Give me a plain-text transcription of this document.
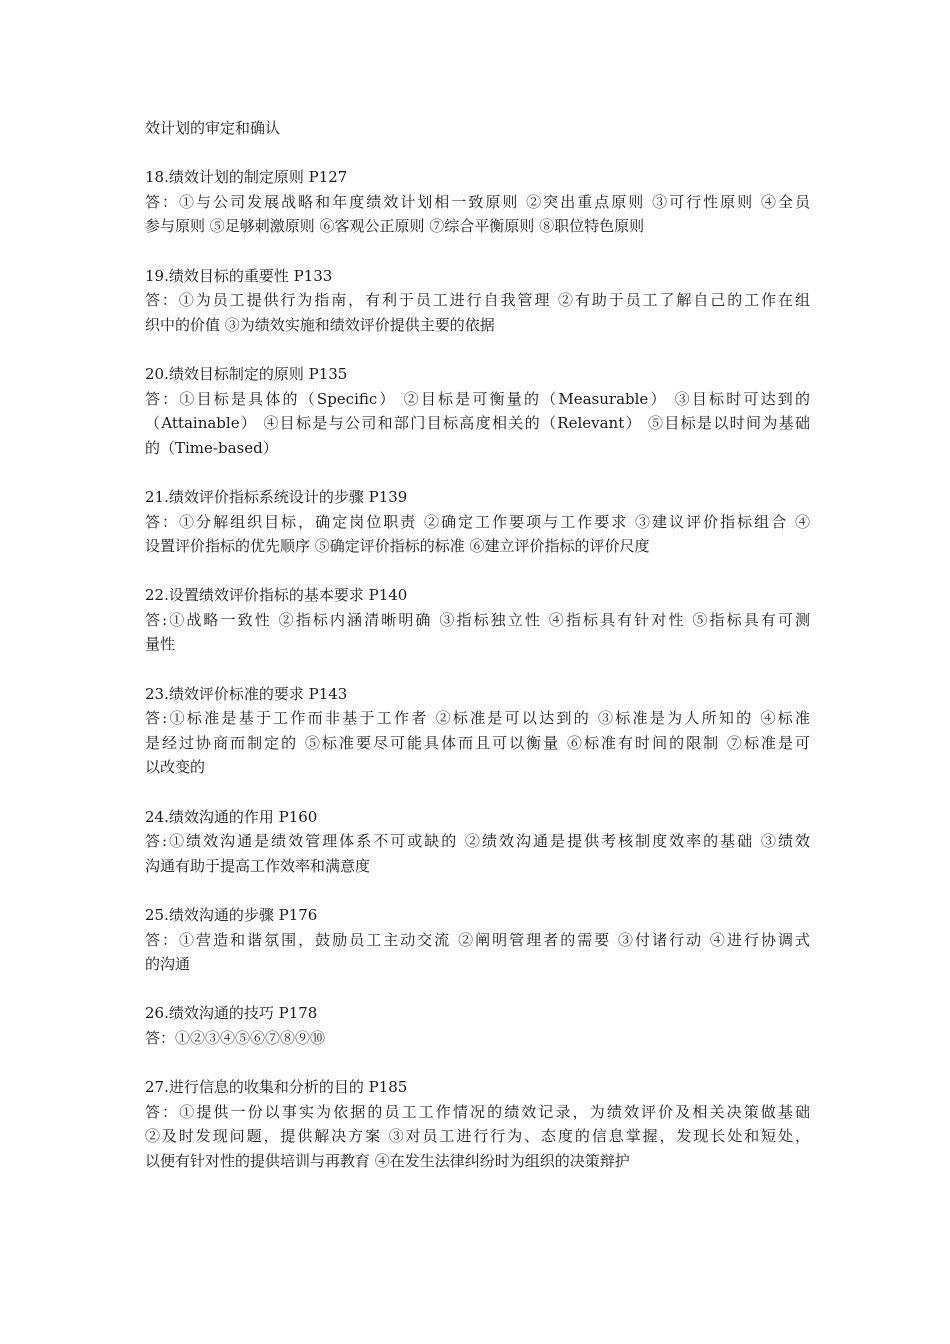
效计划的审定和确认
18.绩效计划的制定原则 P127
答：①与公司发展战略和年度绩效计划相一致原则 ②突出重点原则 ③可行性原则 ④全员
参与原则 ⑤足够刺激原则 ⑥客观公正原则 ⑦综合平衡原则 ⑧职位特色原则
19.绩效目标的重要性 P133
答：①为员工提供行为指南，有利于员工进行自我管理 ②有助于员工了解自己的工作在组
织中的价值 ③为绩效实施和绩效评价提供主要的依据
20.绩效目标制定的原则 P135
答：①目标是具体的（Specific） ②目标是可衡量的（Measurable） ③目标时可达到的
（Attainable） ④目标是与公司和部门目标高度相关的（Relevant） ⑤目标是以时间为基础
的（Time-based）
21.绩效评价指标系统设计的步骤 P139
答：①分解组织目标，确定岗位职责 ②确定工作要项与工作要求 ③建议评价指标组合 ④
设置评价指标的优先顺序 ⑤确定评价指标的标准 ⑥建立评价指标的评价尺度
22.设置绩效评价指标的基本要求 P140
答:①战略一致性 ②指标内涵清晰明确 ③指标独立性 ④指标具有针对性 ⑤指标具有可测
量性
23.绩效评价标准的要求 P143
答:①标准是基于工作而非基于工作者 ②标准是可以达到的 ③标准是为人所知的 ④标准
是经过协商而制定的 ⑤标准要尽可能具体而且可以衡量 ⑥标准有时间的限制 ⑦标准是可
以改变的
24.绩效沟通的作用 P160
答:①绩效沟通是绩效管理体系不可或缺的 ②绩效沟通是提供考核制度效率的基础 ③绩效
沟通有助于提高工作效率和满意度
25.绩效沟通的步骤 P176
答：①营造和谐氛围，鼓励员工主动交流 ②阐明管理者的需要 ③付诸行动 ④进行协调式
的沟通
26.绩效沟通的技巧 P178
答：①②③④⑤⑥⑦⑧⑨⑩
27.进行信息的收集和分析的目的 P185
答：①提供一份以事实为依据的员工工作情况的绩效记录，为绩效评价及相关决策做基础
②及时发现问题，提供解决方案 ③对员工进行行为、态度的信息掌握，发现长处和短处，
以便有针对性的提供培训与再教育 ④在发生法律纠纷时为组织的决策辩护
